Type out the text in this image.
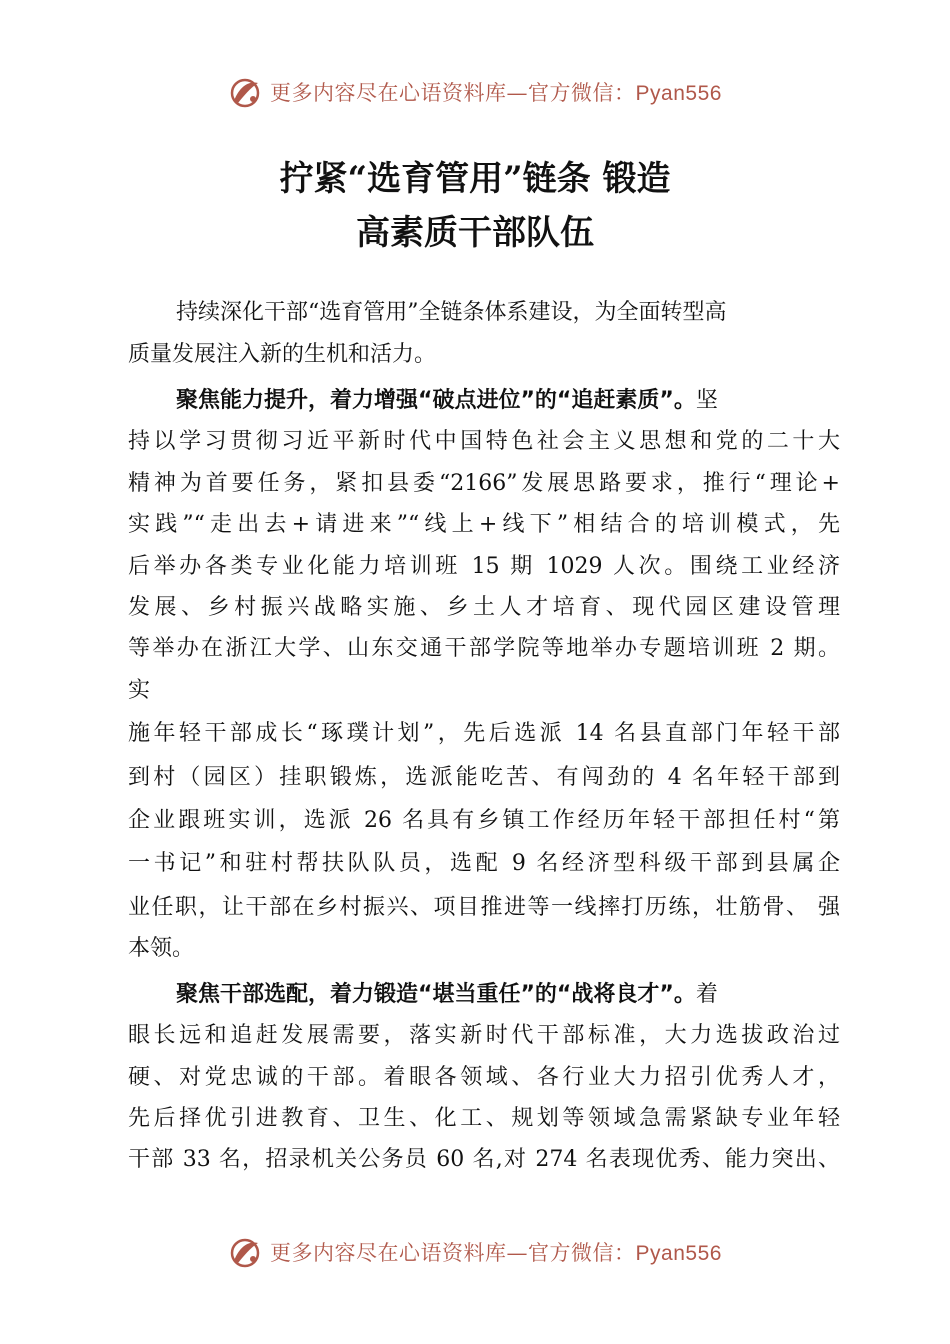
更多内容尽在心语资料库—官方微信：Pyan556
拧紧“选育管用”链条 锻造
高素质干部队伍
持续深化干部“选育管用”全链条体系建设，为全面转型高
质量发展注入新的生机和活力。
聚焦能力提升，着力增强“破点进位”的“追赶素质”。坚
持以学习贯彻习近平新时代中国特色社会主义思想和党的二十大
精神为首要任务，紧扣县委“2166”发展思路要求，推行“理论+
实践”“走出去+请进来”“线上+线下”相结合的培训模式，先
后举办各类专业化能力培训班 15 期 1029 人次。围绕工业经济
发展、乡村振兴战略实施、乡土人才培育、现代园区建设管理
等举办在浙江大学、山东交通干部学院等地举办专题培训班 2 期。
实
施年轻干部成长“琢璞计划”，先后选派 14 名县直部门年轻干部
到村（园区）挂职锻炼，选派能吃苦、有闯劲的 4 名年轻干部到
企业跟班实训，选派 26 名具有乡镇工作经历年轻干部担任村“第
一书记”和驻村帮扶队队员，选配 9 名经济型科级干部到县属企
业任职，让干部在乡村振兴、项目推进等一线摔打历练，壮筋骨、 强
本领。
聚焦干部选配，着力锻造“堪当重任”的“战将良才”。着
眼长远和追赶发展需要，落实新时代干部标准，大力选拔政治过
硬、对党忠诚的干部。着眼各领域、各行业大力招引优秀人才，
先后择优引进教育、卫生、化工、规划等领域急需紧缺专业年轻
干部 33 名，招录机关公务员 60 名,对 274 名表现优秀、能力突出、
更多内容尽在心语资料库—官方微信：Pyan556
